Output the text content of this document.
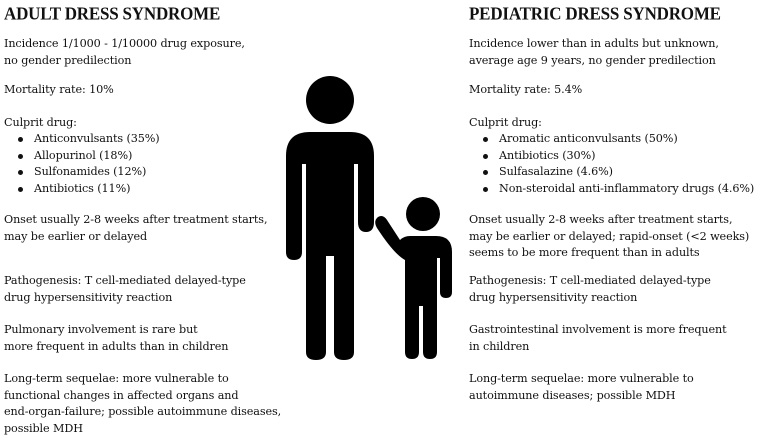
ADULT DRESS SYNDROME

Incidence 1/1000 - 1/10000 drug exposure,
no gender predilection

Mortality rate: 10%

Culprit drug:

Anticonvulsants (35%)
Allopurinol (18%)
Sulfonamides (12%)
Antibiotics (11%)

Onset usually 2-8 weeks after treatment starts,
may be earlier or delayed

Pathogenesis: T cell-mediated delayed-type
drug hypersensitivity reaction

Pulmonary involvement is rare but
more frequent in adults than in children

Long-term sequelae: more vulnerable to
functional changes in affected organs and
end-organ-failure; possible autoimmune diseases,
possible MDH

PEDIATRIC DRESS SYNDROME

Incidence lower than in adults but unknown,
average age 9 years, no gender predilection

Mortality rate: 5.4%

Culprit drug:

Aromatic anticonvulsants (50%)
Antibiotics (30%)
Sulfasalazine (4.6%)
Non-steroidal anti-inflammatory drugs (4.6%)

Onset usually 2-8 weeks after treatment starts,
may be earlier or delayed; rapid-onset (<2 weeks)
seems to be more frequent than in adults

Pathogenesis: T cell-mediated delayed-type
drug hypersensitivity reaction

Gastrointestinal involvement is more frequent
in children

Long-term sequelae: more vulnerable to
autoimmune diseases; possible MDH
